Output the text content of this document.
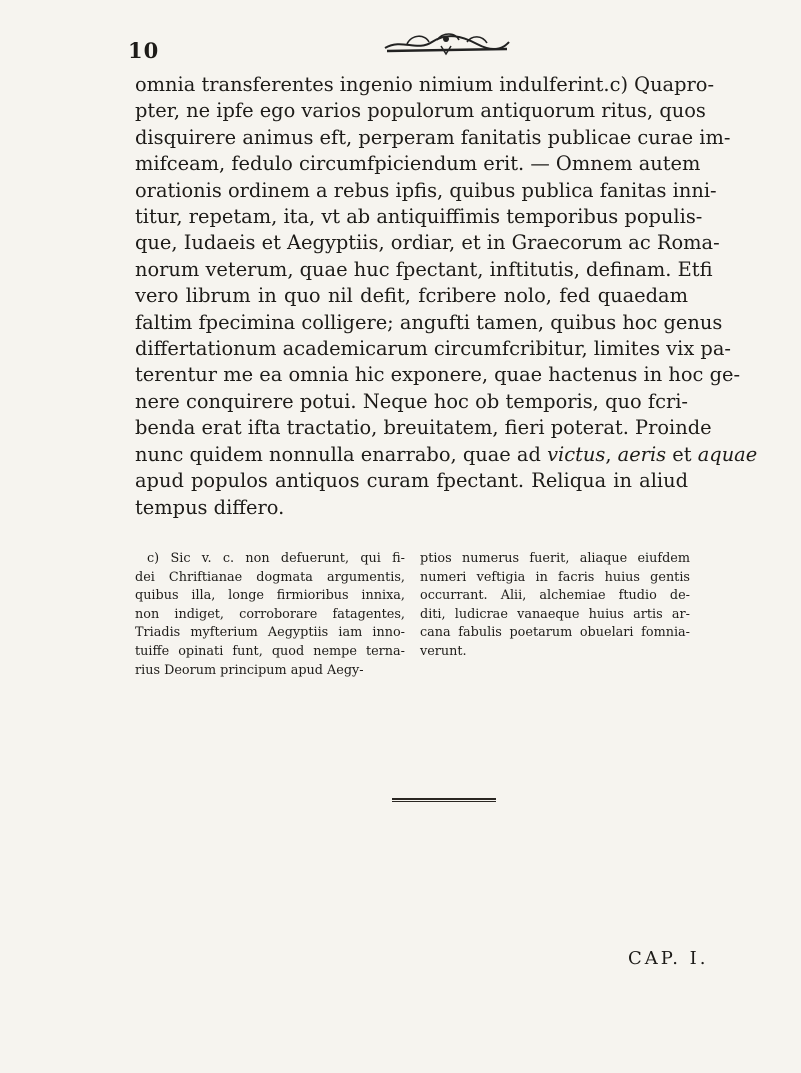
10
omnia transferentes ingenio nimium indulferint.c) Quapro-
pter, ne ipfe ego varios populorum antiquorum ritus, quos
disquirere animus eft, perperam fanitatis publicae curae im-
mifceam, fedulo circumfpiciendum erit. — Omnem autem
orationis ordinem a rebus ipfis, quibus publica fanitas inni-
titur, repetam, ita, vt ab antiquiffimis temporibus populis-
que, Iudaeis et Aegyptiis, ordiar, et in Graecorum ac Roma-
norum veterum, quae huc fpectant, inftitutis, definam. Etfi
vero librum in quo nil defit, fcribere nolo, fed quaedam
faltim fpecimina colligere; angufti tamen, quibus hoc genus
differtationum academicarum circumfcribitur, limites vix pa-
terentur me ea omnia hic exponere, quae hactenus in hoc ge-
nere conquirere potui. Neque hoc ob temporis, quo fcri-
benda erat ifta tractatio, breuitatem, fieri poterat. Proinde
nunc quidem nonnulla enarrabo, quae ad victus, aeris et aquae
apud populos antiquos curam fpectant. Reliqua in aliud
tempus differo.
c) Sic v. c. non defuerunt, qui fi-
dei Chriftianae dogmata argumentis,
quibus illa, longe firmioribus innixa,
non indiget, corroborare fatagentes,
Triadis myfterium Aegyptiis iam inno-
tuiffe opinati funt, quod nempe terna-
rius Deorum principum apud Aegy-
ptios numerus fuerit, aliaque eiufdem
numeri veftigia in facris huius gentis
occurrant. Alii, alchemiae ftudio de-
diti, ludicrae vanaeque huius artis ar-
cana fabulis poetarum obuelari fomnia-
verunt.
CAP. I.
